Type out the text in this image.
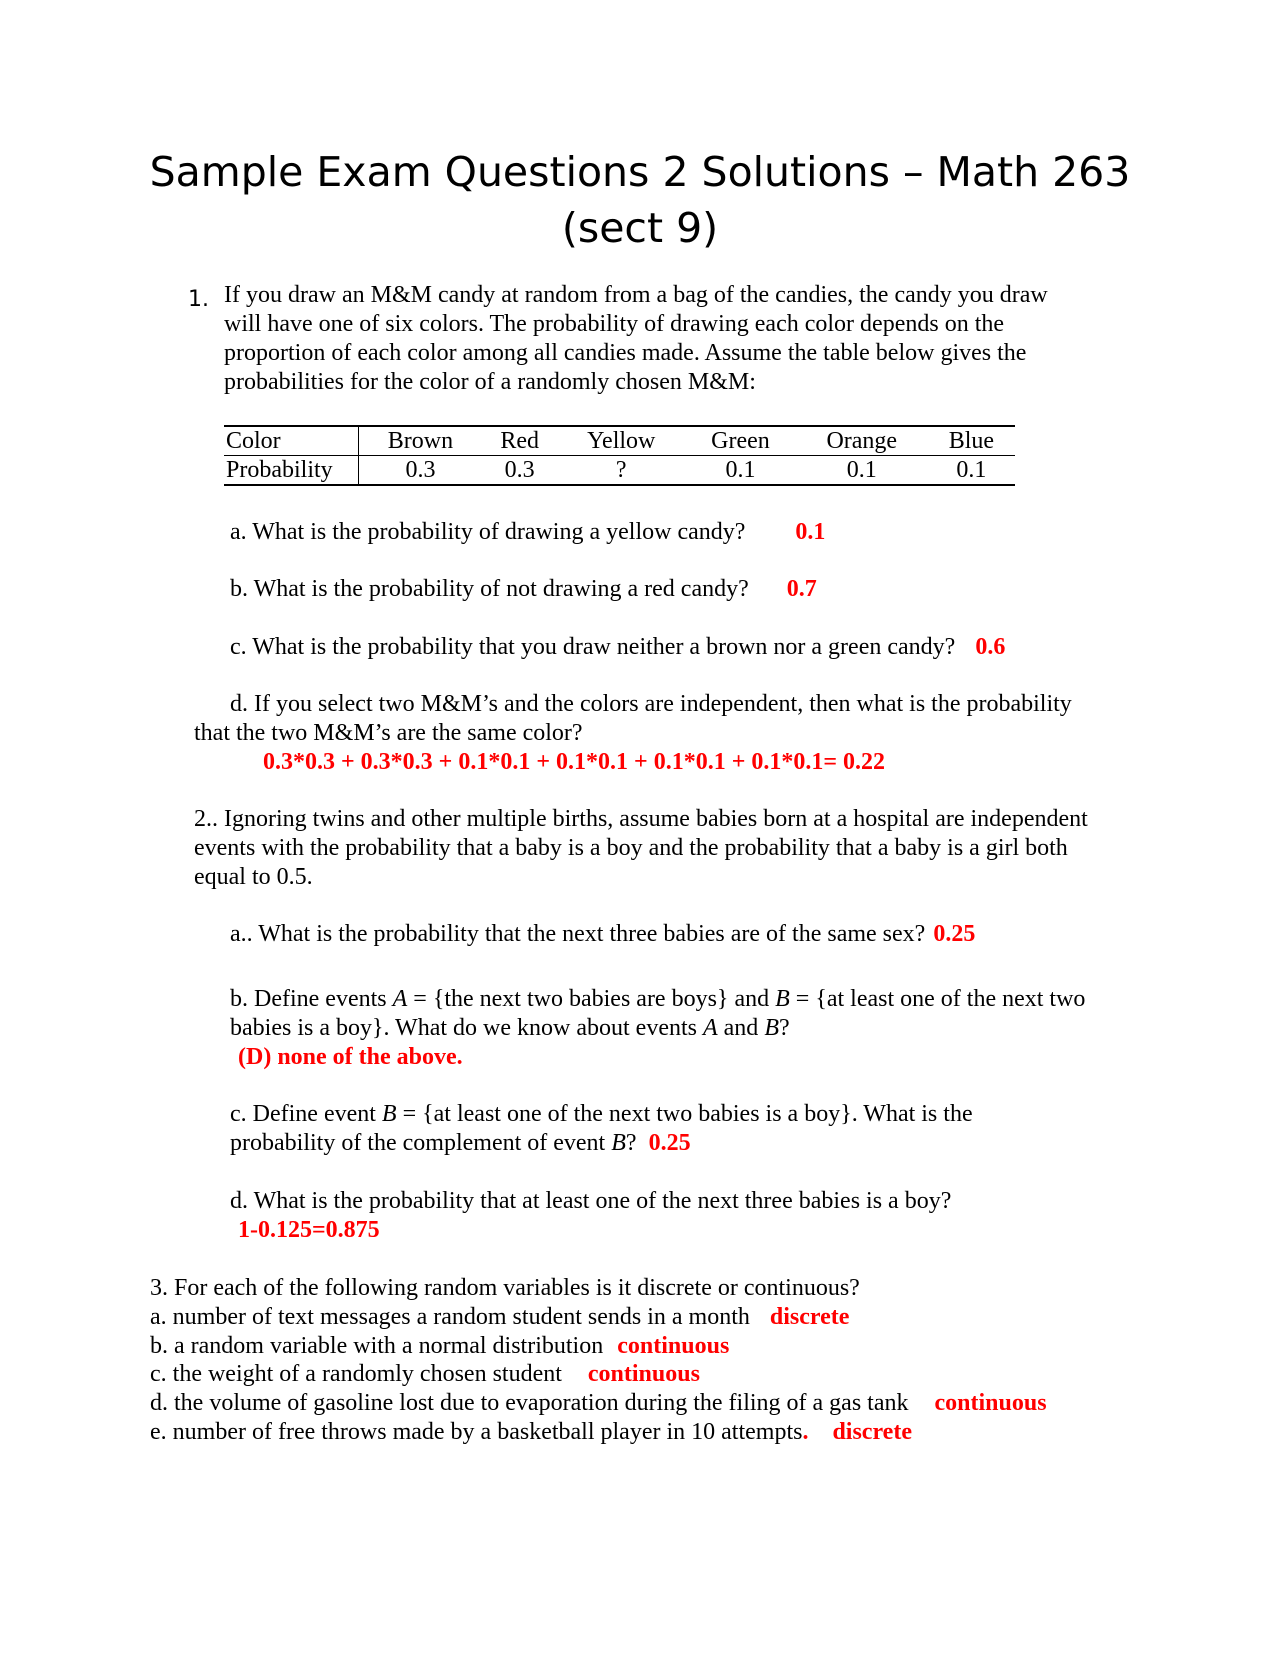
Sample Exam Questions 2 Solutions – Math 263 (sect 9)
1. If you draw an M&M candy at random from a bag of the candies, the candy you draw will have one of six colors. The probability of drawing each color depends on the proportion of each color among all candies made. Assume the table below gives the probabilities for the color of a randomly chosen M&M:
Color	Brown	Red	Yellow	Green	Orange	Blue
Probability	0.3	0.3	?	0.1	0.1	0.1
a. What is the probability of drawing a yellow candy? 0.1
b. What is the probability of not drawing a red candy? 0.7
c. What is the probability that you draw neither a brown nor a green candy? 0.6
d. If you select two M&M’s and the colors are independent, then what is the probability
that the two M&M’s are the same color?
0.3*0.3 + 0.3*0.3 + 0.1*0.1 + 0.1*0.1 + 0.1*0.1 + 0.1*0.1= 0.22
2.. Ignoring twins and other multiple births, assume babies born at a hospital are independent events with the probability that a baby is a boy and the probability that a baby is a girl both equal to 0.5.
a.. What is the probability that the next three babies are of the same sex? 0.25
b. Define events A = {the next two babies are boys} and B = {at least one of the next two babies is a boy}. What do we know about events A and B?
(D) none of the above.
c. Define event B = {at least one of the next two babies is a boy}. What is the probability of the complement of event B? 0.25
d. What is the probability that at least one of the next three babies is a boy?
1-0.125=0.875
3. For each of the following random variables is it discrete or continuous?
a. number of text messages a random student sends in a month discrete
b. a random variable with a normal distribution continuous
c. the weight of a randomly chosen student continuous
d. the volume of gasoline lost due to evaporation during the filing of a gas tank continuous
e. number of free throws made by a basketball player in 10 attempts. discrete
